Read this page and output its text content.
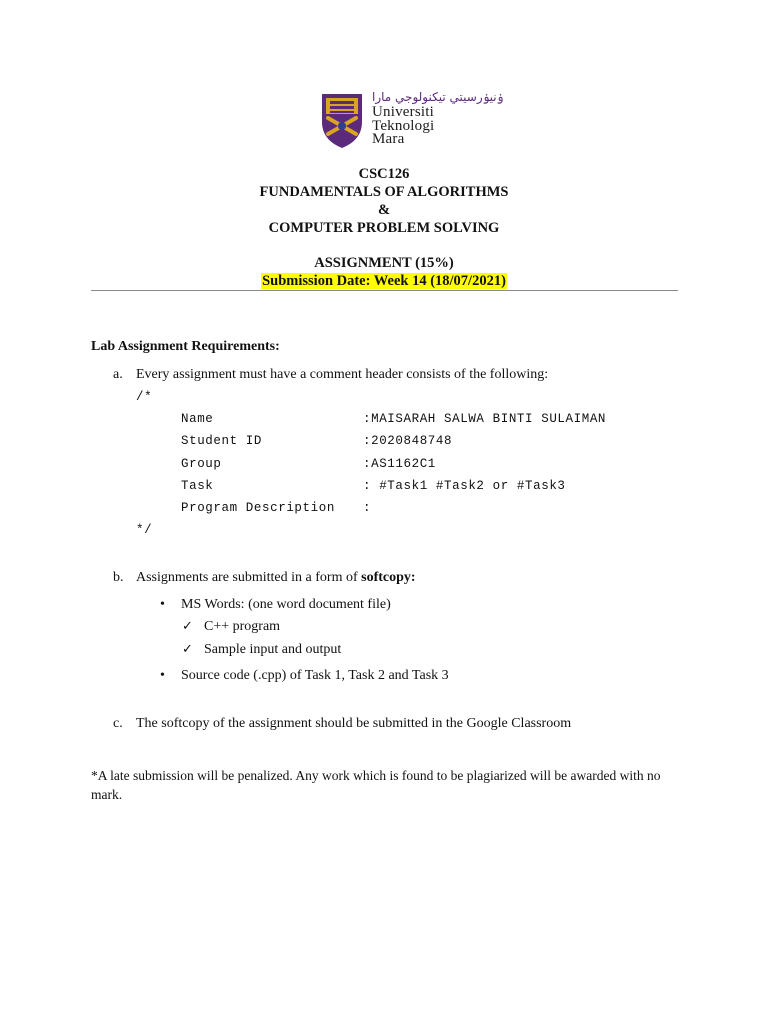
ۏنيۏرسيتي تيكنولوجي مارا
Universiti
Teknologi
Mara
CSC126
FUNDAMENTALS OF ALGORITHMS
&
COMPUTER PROBLEM SOLVING
ASSIGNMENT (15%)
Submission Date: Week 14 (18/07/2021)
Lab Assignment Requirements:
a. Every assignment must have a comment header consists of the following:
/*
Name	:MAISARAH SALWA BINTI SULAIMAN
Student ID	:2020848748
Group	:AS1162C1
Task	: #Task1 #Task2 or #Task3
Program Description :
*/
b. Assignments are submitted in a form of softcopy:
• MS Words: (one word document file)
✓ C++ program
✓ Sample input and output
• Source code (.cpp) of Task 1, Task 2 and Task 3
c. The softcopy of the assignment should be submitted in the Google Classroom
*A late submission will be penalized. Any work which is found to be plagiarized will be awarded with no
mark.
